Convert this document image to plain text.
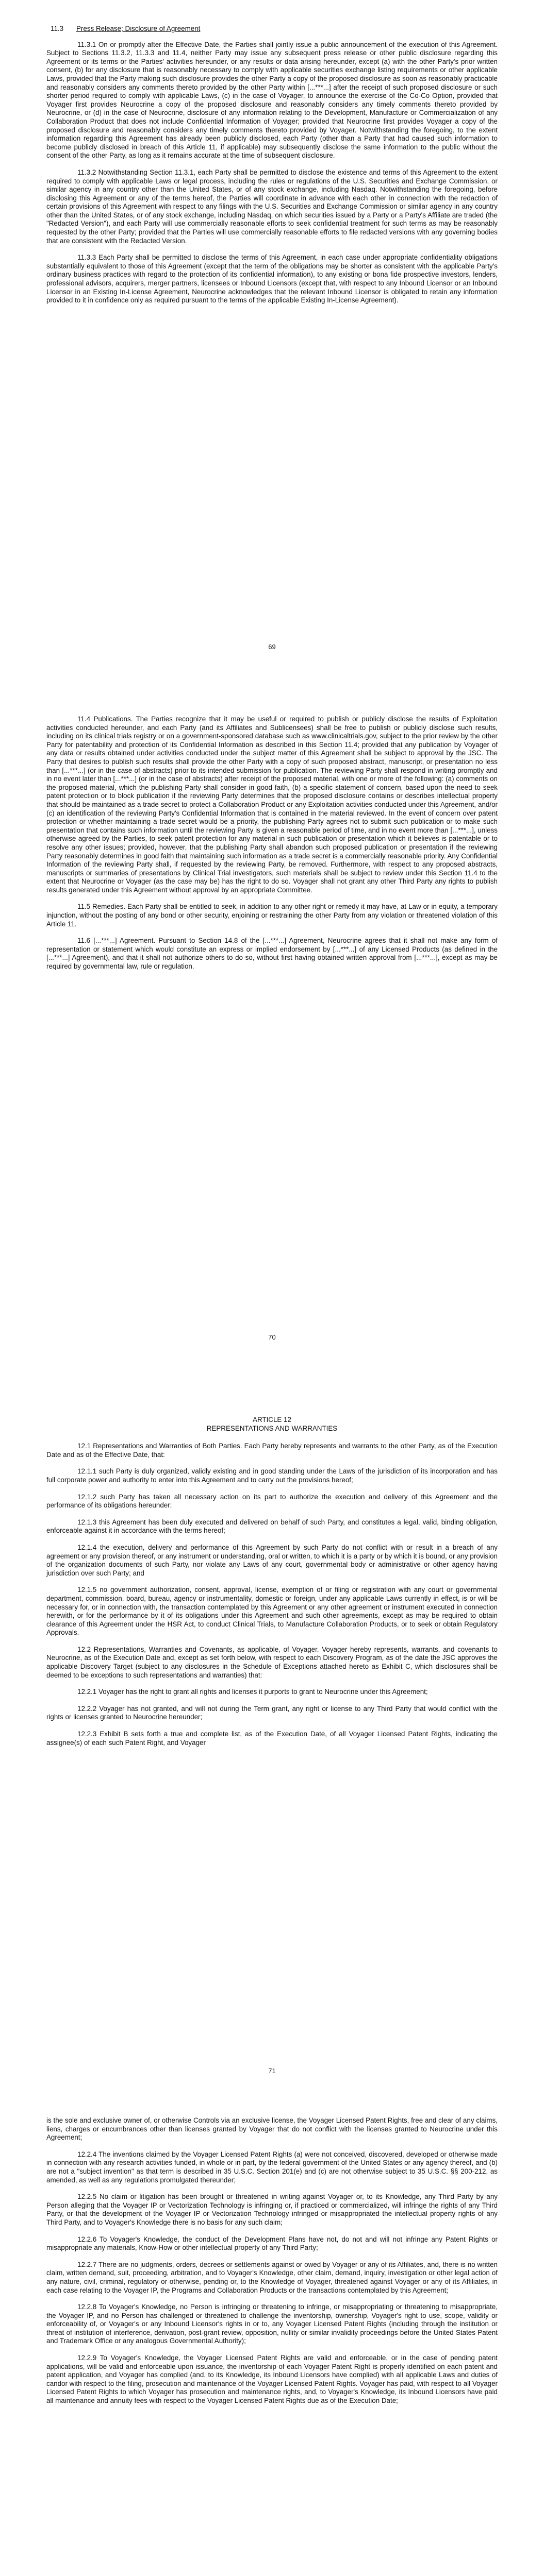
11.3 Press Release; Disclosure of Agreement

11.3.1 On or promptly after the Effective Date, the Parties shall jointly issue a public announcement of the execution of this Agreement. Subject to Sections 11.3.2, 11.3.3 and 11.4, neither Party may issue any subsequent press release or other public disclosure regarding this Agreement or its terms or the Parties' activities hereunder, or any results or data arising hereunder, except (a) with the other Party's prior written consent, (b) for any disclosure that is reasonably necessary to comply with applicable securities exchange listing requirements or other applicable Laws, provided that the Party making such disclosure provides the other Party a copy of the proposed disclosure as soon as reasonably practicable and reasonably considers any comments thereto provided by the other Party within [...***...] after the receipt of such proposed disclosure or such shorter period required to comply with applicable Laws, (c) in the case of Voyager, to announce the exercise of the Co-Co Option, provided that Voyager first provides Neurocrine a copy of the proposed disclosure and reasonably considers any timely comments thereto provided by Neurocrine, or (d) in the case of Neurocrine, disclosure of any information relating to the Development, Manufacture or Commercialization of any Collaboration Product that does not include Confidential Information of Voyager; provided that Neurocrine first provides Voyager a copy of the proposed disclosure and reasonably considers any timely comments thereto provided by Voyager. Notwithstanding the foregoing, to the extent information regarding this Agreement has already been publicly disclosed, each Party (other than a Party that had caused such information to become publicly disclosed in breach of this Article 11, if applicable) may subsequently disclose the same information to the public without the consent of the other Party, as long as it remains accurate at the time of subsequent disclosure.

11.3.2 Notwithstanding Section 11.3.1, each Party shall be permitted to disclose the existence and terms of this Agreement to the extent required to comply with applicable Laws or legal process, including the rules or regulations of the U.S. Securities and Exchange Commission, or similar agency in any country other than the United States, or of any stock exchange, including Nasdaq. Notwithstanding the foregoing, before disclosing this Agreement or any of the terms hereof, the Parties will coordinate in advance with each other in connection with the redaction of certain provisions of this Agreement with respect to any filings with the U.S. Securities and Exchange Commission or similar agency in any country other than the United States, or of any stock exchange, including Nasdaq, on which securities issued by a Party or a Party's Affiliate are traded (the "Redacted Version"), and each Party will use commercially reasonable efforts to seek confidential treatment for such terms as may be reasonably requested by the other Party; provided that the Parties will use commercially reasonable efforts to file redacted versions with any governing bodies that are consistent with the Redacted Version.

11.3.3 Each Party shall be permitted to disclose the terms of this Agreement, in each case under appropriate confidentiality obligations substantially equivalent to those of this Agreement (except that the term of the obligations may be shorter as consistent with the applicable Party's ordinary business practices with regard to the protection of its confidential information), to any existing or bona fide prospective investors, lenders, professional advisors, acquirers, merger partners, licensees or Inbound Licensors (except that, with respect to any Inbound Licensor or an Inbound Licensor in an Existing In-License Agreement, Neurocrine acknowledges that the relevant Inbound Licensor is obligated to retain any information provided to it in confidence only as required pursuant to the terms of the applicable Existing In-License Agreement).

69

11.4 Publications. The Parties recognize that it may be useful or required to publish or publicly disclose the results of Exploitation activities conducted hereunder, and each Party (and its Affiliates and Sublicensees) shall be free to publish or publicly disclose such results, including on its clinical trials registry or on a government-sponsored database such as www.clinicaltrials.gov, subject to the prior review by the other Party for patentability and protection of its Confidential Information as described in this Section 11.4; provided that any publication by Voyager of any data or results obtained under activities conducted under the subject matter of this Agreement shall be subject to approval by the JSC. The Party that desires to publish such results shall provide the other Party with a copy of such proposed abstract, manuscript, or presentation no less than [...***...] (or in the case of abstracts) prior to its intended submission for publication. The reviewing Party shall respond in writing promptly and in no event later than [...***...] (or in the case of abstracts) after receipt of the proposed material, with one or more of the following: (a) comments on the proposed material, which the publishing Party shall consider in good faith, (b) a specific statement of concern, based upon the need to seek patent protection or to block publication if the reviewing Party determines that the proposed disclosure contains or describes intellectual property that should be maintained as a trade secret to protect a Collaboration Product or any Exploitation activities conducted under this Agreement, and/or (c) an identification of the reviewing Party's Confidential Information that is contained in the material reviewed. In the event of concern over patent protection or whether maintaining a trade secret would be a priority, the publishing Party agrees not to submit such publication or to make such presentation that contains such information until the reviewing Party is given a reasonable period of time, and in no event more than [...***...], unless otherwise agreed by the Parties, to seek patent protection for any material in such publication or presentation which it believes is patentable or to resolve any other issues; provided, however, that the publishing Party shall abandon such proposed publication or presentation if the reviewing Party reasonably determines in good faith that maintaining such information as a trade secret is a commercially reasonable priority. Any Confidential Information of the reviewing Party shall, if requested by the reviewing Party, be removed. Furthermore, with respect to any proposed abstracts, manuscripts or summaries of presentations by Clinical Trial investigators, such materials shall be subject to review under this Section 11.4 to the extent that Neurocrine or Voyager (as the case may be) has the right to do so. Voyager shall not grant any other Third Party any rights to publish results generated under this Agreement without approval by an appropriate Committee.

11.5 Remedies. Each Party shall be entitled to seek, in addition to any other right or remedy it may have, at Law or in equity, a temporary injunction, without the posting of any bond or other security, enjoining or restraining the other Party from any violation or threatened violation of this Article 11.

11.6 [...***...] Agreement. Pursuant to Section 14.8 of the [...***...] Agreement, Neurocrine agrees that it shall not make any form of representation or statement which would constitute an express or implied endorsement by [...***...] of any Licensed Products (as defined in the [...***...] Agreement), and that it shall not authorize others to do so, without first having obtained written approval from [...***...], except as may be required by governmental law, rule or regulation.

70

ARTICLE 12

REPRESENTATIONS AND WARRANTIES

12.1 Representations and Warranties of Both Parties. Each Party hereby represents and warrants to the other Party, as of the Execution Date and as of the Effective Date, that:

12.1.1 such Party is duly organized, validly existing and in good standing under the Laws of the jurisdiction of its incorporation and has full corporate power and authority to enter into this Agreement and to carry out the provisions hereof;

12.1.2 such Party has taken all necessary action on its part to authorize the execution and delivery of this Agreement and the performance of its obligations hereunder;

12.1.3 this Agreement has been duly executed and delivered on behalf of such Party, and constitutes a legal, valid, binding obligation, enforceable against it in accordance with the terms hereof;

12.1.4 the execution, delivery and performance of this Agreement by such Party do not conflict with or result in a breach of any agreement or any provision thereof, or any instrument or understanding, oral or written, to which it is a party or by which it is bound, or any provision of the organization documents of such Party, nor violate any Laws of any court, governmental body or administrative or other agency having jurisdiction over such Party; and

12.1.5 no government authorization, consent, approval, license, exemption of or filing or registration with any court or governmental department, commission, board, bureau, agency or instrumentality, domestic or foreign, under any applicable Laws currently in effect, is or will be necessary for, or in connection with, the transaction contemplated by this Agreement or any other agreement or instrument executed in connection herewith, or for the performance by it of its obligations under this Agreement and such other agreements, except as may be required to obtain clearance of this Agreement under the HSR Act, to conduct Clinical Trials, to Manufacture Collaboration Products, or to seek or obtain Regulatory Approvals.

12.2 Representations, Warranties and Covenants, as applicable, of Voyager. Voyager hereby represents, warrants, and covenants to Neurocrine, as of the Execution Date and, except as set forth below, with respect to each Discovery Program, as of the date the JSC approves the applicable Discovery Target (subject to any disclosures in the Schedule of Exceptions attached hereto as Exhibit C, which disclosures shall be deemed to be exceptions to such representations and warranties) that:

12.2.1 Voyager has the right to grant all rights and licenses it purports to grant to Neurocrine under this Agreement;

12.2.2 Voyager has not granted, and will not during the Term grant, any right or license to any Third Party that would conflict with the rights or licenses granted to Neurocrine hereunder;

12.2.3 Exhibit B sets forth a true and complete list, as of the Execution Date, of all Voyager Licensed Patent Rights, indicating the assignee(s) of each such Patent Right, and Voyager

71

is the sole and exclusive owner of, or otherwise Controls via an exclusive license, the Voyager Licensed Patent Rights, free and clear of any claims, liens, charges or encumbrances other than licenses granted by Voyager that do not conflict with the licenses granted to Neurocrine under this Agreement;

12.2.4 The inventions claimed by the Voyager Licensed Patent Rights (a) were not conceived, discovered, developed or otherwise made in connection with any research activities funded, in whole or in part, by the federal government of the United States or any agency thereof, and (b) are not a "subject invention" as that term is described in 35 U.S.C. Section 201(e) and (c) are not otherwise subject to 35 U.S.C. §§ 200-212, as amended, as well as any regulations promulgated thereunder;

12.2.5 No claim or litigation has been brought or threatened in writing against Voyager or, to its Knowledge, any Third Party by any Person alleging that the Voyager IP or Vectorization Technology is infringing or, if practiced or commercialized, will infringe the rights of any Third Party, or that the development of the Voyager IP or Vectorization Technology infringed or misappropriated the intellectual property rights of any Third Party, and to Voyager's Knowledge there is no basis for any such claim;

12.2.6 To Voyager's Knowledge, the conduct of the Development Plans have not, do not and will not infringe any Patent Rights or misappropriate any materials, Know-How or other intellectual property of any Third Party;

12.2.7 There are no judgments, orders, decrees or settlements against or owed by Voyager or any of its Affiliates, and, there is no written claim, written demand, suit, proceeding, arbitration, and to Voyager's Knowledge, other claim, demand, inquiry, investigation or other legal action of any nature, civil, criminal, regulatory or otherwise, pending or, to the Knowledge of Voyager, threatened against Voyager or any of its Affiliates, in each case relating to the Voyager IP, the Programs and Collaboration Products or the transactions contemplated by this Agreement;

12.2.8 To Voyager's Knowledge, no Person is infringing or threatening to infringe, or misappropriating or threatening to misappropriate, the Voyager IP, and no Person has challenged or threatened to challenge the inventorship, ownership, Voyager's right to use, scope, validity or enforceability of, or Voyager's or any Inbound Licensor's rights in or to, any Voyager Licensed Patent Rights (including through the institution or threat of institution of interference, derivation, post-grant review, opposition, nullity or similar invalidity proceedings before the United States Patent and Trademark Office or any analogous Governmental Authority);

12.2.9 To Voyager's Knowledge, the Voyager Licensed Patent Rights are valid and enforceable, or in the case of pending patent applications, will be valid and enforceable upon issuance, the inventorship of each Voyager Patent Right is properly identified on each patent and patent application, and Voyager has complied (and, to its Knowledge, its Inbound Licensors have complied) with all applicable Laws and duties of candor with respect to the filing, prosecution and maintenance of the Voyager Licensed Patent Rights. Voyager has paid, with respect to all Voyager Licensed Patent Rights to which Voyager has prosecution and maintenance rights, and, to Voyager's Knowledge, its Inbound Licensors have paid all maintenance and annuity fees with respect to the Voyager Licensed Patent Rights due as of the Execution Date;
